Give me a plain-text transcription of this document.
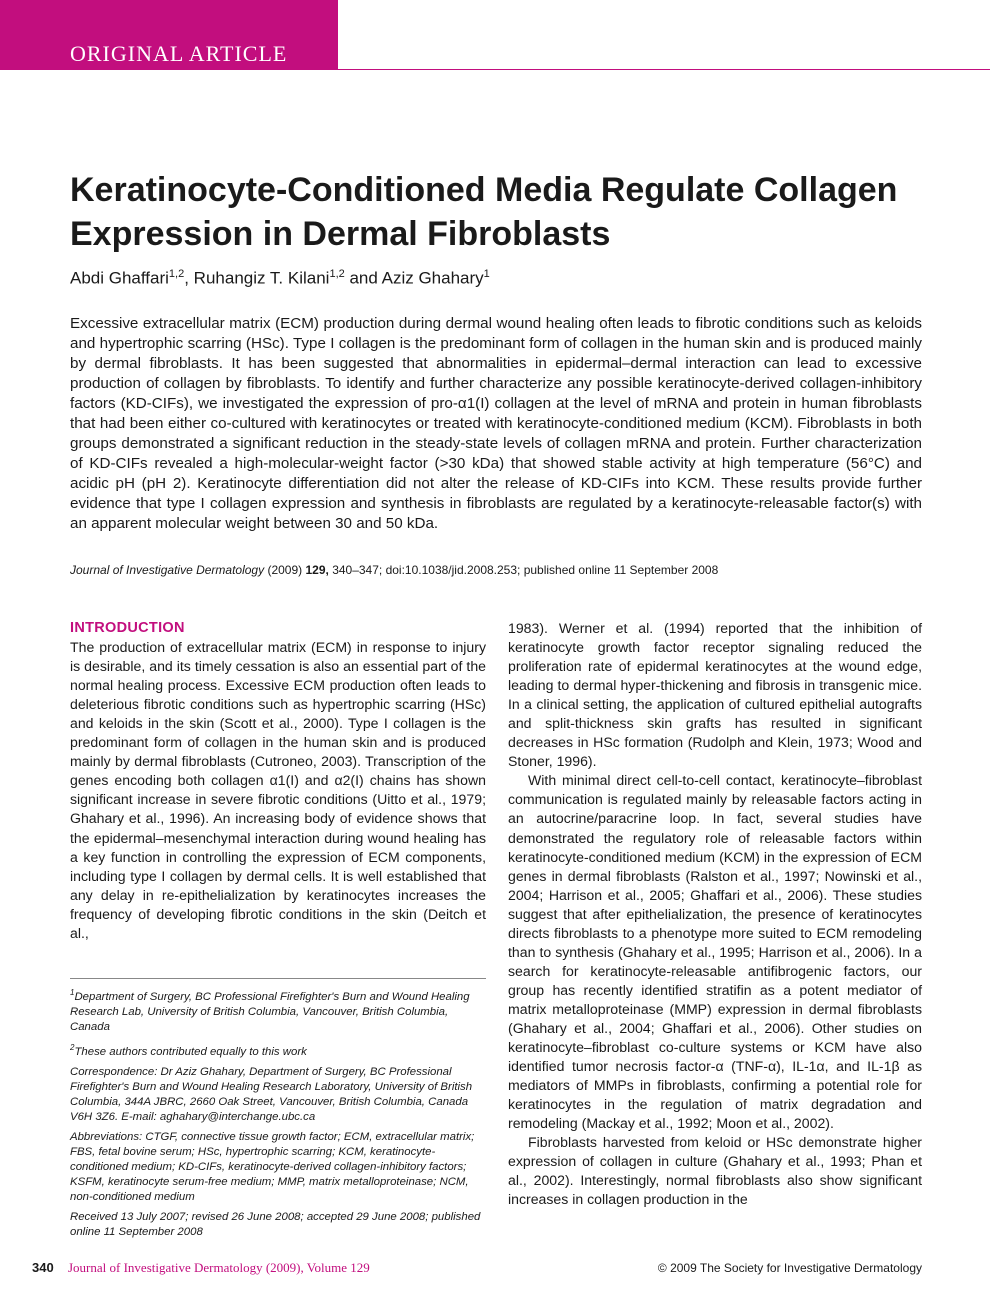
ORIGINAL ARTICLE
Keratinocyte-Conditioned Media Regulate Collagen Expression in Dermal Fibroblasts
Abdi Ghaffari$^{1,2}$, Ruhangiz T. Kilani$^{1,2}$ and Aziz Ghahary$^1$

Excessive extracellular matrix (ECM) production during dermal wound healing often leads to fibrotic conditions such as keloids and hypertrophic scarring (HSc). Type I collagen is the predominant form of collagen in the human skin and is produced mainly by dermal fibroblasts. It has been suggested that abnormalities in epidermal–dermal interaction can lead to excessive production of collagen by fibroblasts. To identify and further characterize any possible keratinocyte-derived collagen-inhibitory factors (KD-CIFs), we investigated the expression of pro-α1(I) collagen at the level of mRNA and protein in human fibroblasts that had been either co-cultured with keratinocytes or treated with keratinocyte-conditioned medium (KCM). Fibroblasts in both groups demonstrated a significant reduction in the steady-state levels of collagen mRNA and protein. Further characterization of KD-CIFs revealed a high-molecular-weight factor (>30 kDa) that showed stable activity at high temperature (56°C) and acidic pH (pH 2). Keratinocyte differentiation did not alter the release of KD-CIFs into KCM. These results provide further evidence that type I collagen expression and synthesis in fibroblasts are regulated by a keratinocyte-releasable factor(s) with an apparent molecular weight between 30 and 50 kDa.

Journal of Investigative Dermatology (2009) 129, 340–347; doi:10.1038/jid.2008.253; published online 11 September 2008
INTRODUCTION

The production of extracellular matrix (ECM) in response to injury is desirable, and its timely cessation is also an essential part of the normal healing process. Excessive ECM production often leads to deleterious fibrotic conditions such as hypertrophic scarring (HSc) and keloids in the skin (Scott et al., 2000). Type I collagen is the predominant form of collagen in the human skin and is produced mainly by dermal fibroblasts (Cutroneo, 2003). Transcription of the genes encoding both collagen α1(I) and α2(I) chains has shown significant increase in severe fibrotic conditions (Uitto et al., 1979; Ghahary et al., 1996). An increasing body of evidence shows that the epidermal–mesenchymal interaction during wound healing has a key function in controlling the expression of ECM components, including type I collagen by dermal cells. It is well established that any delay in re-epithelialization by keratinocytes increases the frequency of developing fibrotic conditions in the skin (Deitch et al.,

$^1$Department of Surgery, BC Professional Firefighter's Burn and Wound Healing Research Lab, University of British Columbia, Vancouver, British Columbia, Canada

$^2$These authors contributed equally to this work

Correspondence: Dr Aziz Ghahary, Department of Surgery, BC Professional Firefighter's Burn and Wound Healing Research Laboratory, University of British Columbia, 344A JBRC, 2660 Oak Street, Vancouver, British Columbia, Canada V6H 3Z6. E-mail: aghahary@interchange.ubc.ca

Abbreviations: CTGF, connective tissue growth factor; ECM, extracellular matrix; FBS, fetal bovine serum; HSc, hypertrophic scarring; KCM, keratinocyte-conditioned medium; KD-CIFs, keratinocyte-derived collagen-inhibitory factors; KSFM, keratinocyte serum-free medium; MMP, matrix metalloproteinase; NCM, non-conditioned medium

Received 13 July 2007; revised 26 June 2008; accepted 29 June 2008; published online 11 September 2008

1983). Werner et al. (1994) reported that the inhibition of keratinocyte growth factor receptor signaling reduced the proliferation rate of epidermal keratinocytes at the wound edge, leading to dermal hyper-thickening and fibrosis in transgenic mice. In a clinical setting, the application of cultured epithelial autografts and split-thickness skin grafts has resulted in significant decreases in HSc formation (Rudolph and Klein, 1973; Wood and Stoner, 1996).

With minimal direct cell-to-cell contact, keratinocyte–fibroblast communication is regulated mainly by releasable factors acting in an autocrine/paracrine loop. In fact, several studies have demonstrated the regulatory role of releasable factors within keratinocyte-conditioned medium (KCM) in the expression of ECM genes in dermal fibroblasts (Ralston et al., 1997; Nowinski et al., 2004; Harrison et al., 2005; Ghaffari et al., 2006). These studies suggest that after epithelialization, the presence of keratinocytes directs fibroblasts to a phenotype more suited to ECM remodeling than to synthesis (Ghahary et al., 1995; Harrison et al., 2006). In a search for keratinocyte-releasable antifibrogenic factors, our group has recently identified stratifin as a potent mediator of matrix metalloproteinase (MMP) expression in dermal fibroblasts (Ghahary et al., 2004; Ghaffari et al., 2006). Other studies on keratinocyte–fibroblast co-culture systems or KCM have also identified tumor necrosis factor-α (TNF-α), IL-1α, and IL-1β as mediators of MMPs in fibroblasts, confirming a potential role for keratinocytes in the regulation of matrix degradation and remodeling (Mackay et al., 1992; Moon et al., 2002).

Fibroblasts harvested from keloid or HSc demonstrate higher expression of collagen in culture (Ghahary et al., 1993; Phan et al., 2002). Interestingly, normal fibroblasts also show significant increases in collagen production in the

340 Journal of Investigative Dermatology (2009), Volume 129	© 2009 The Society for Investigative Dermatology
